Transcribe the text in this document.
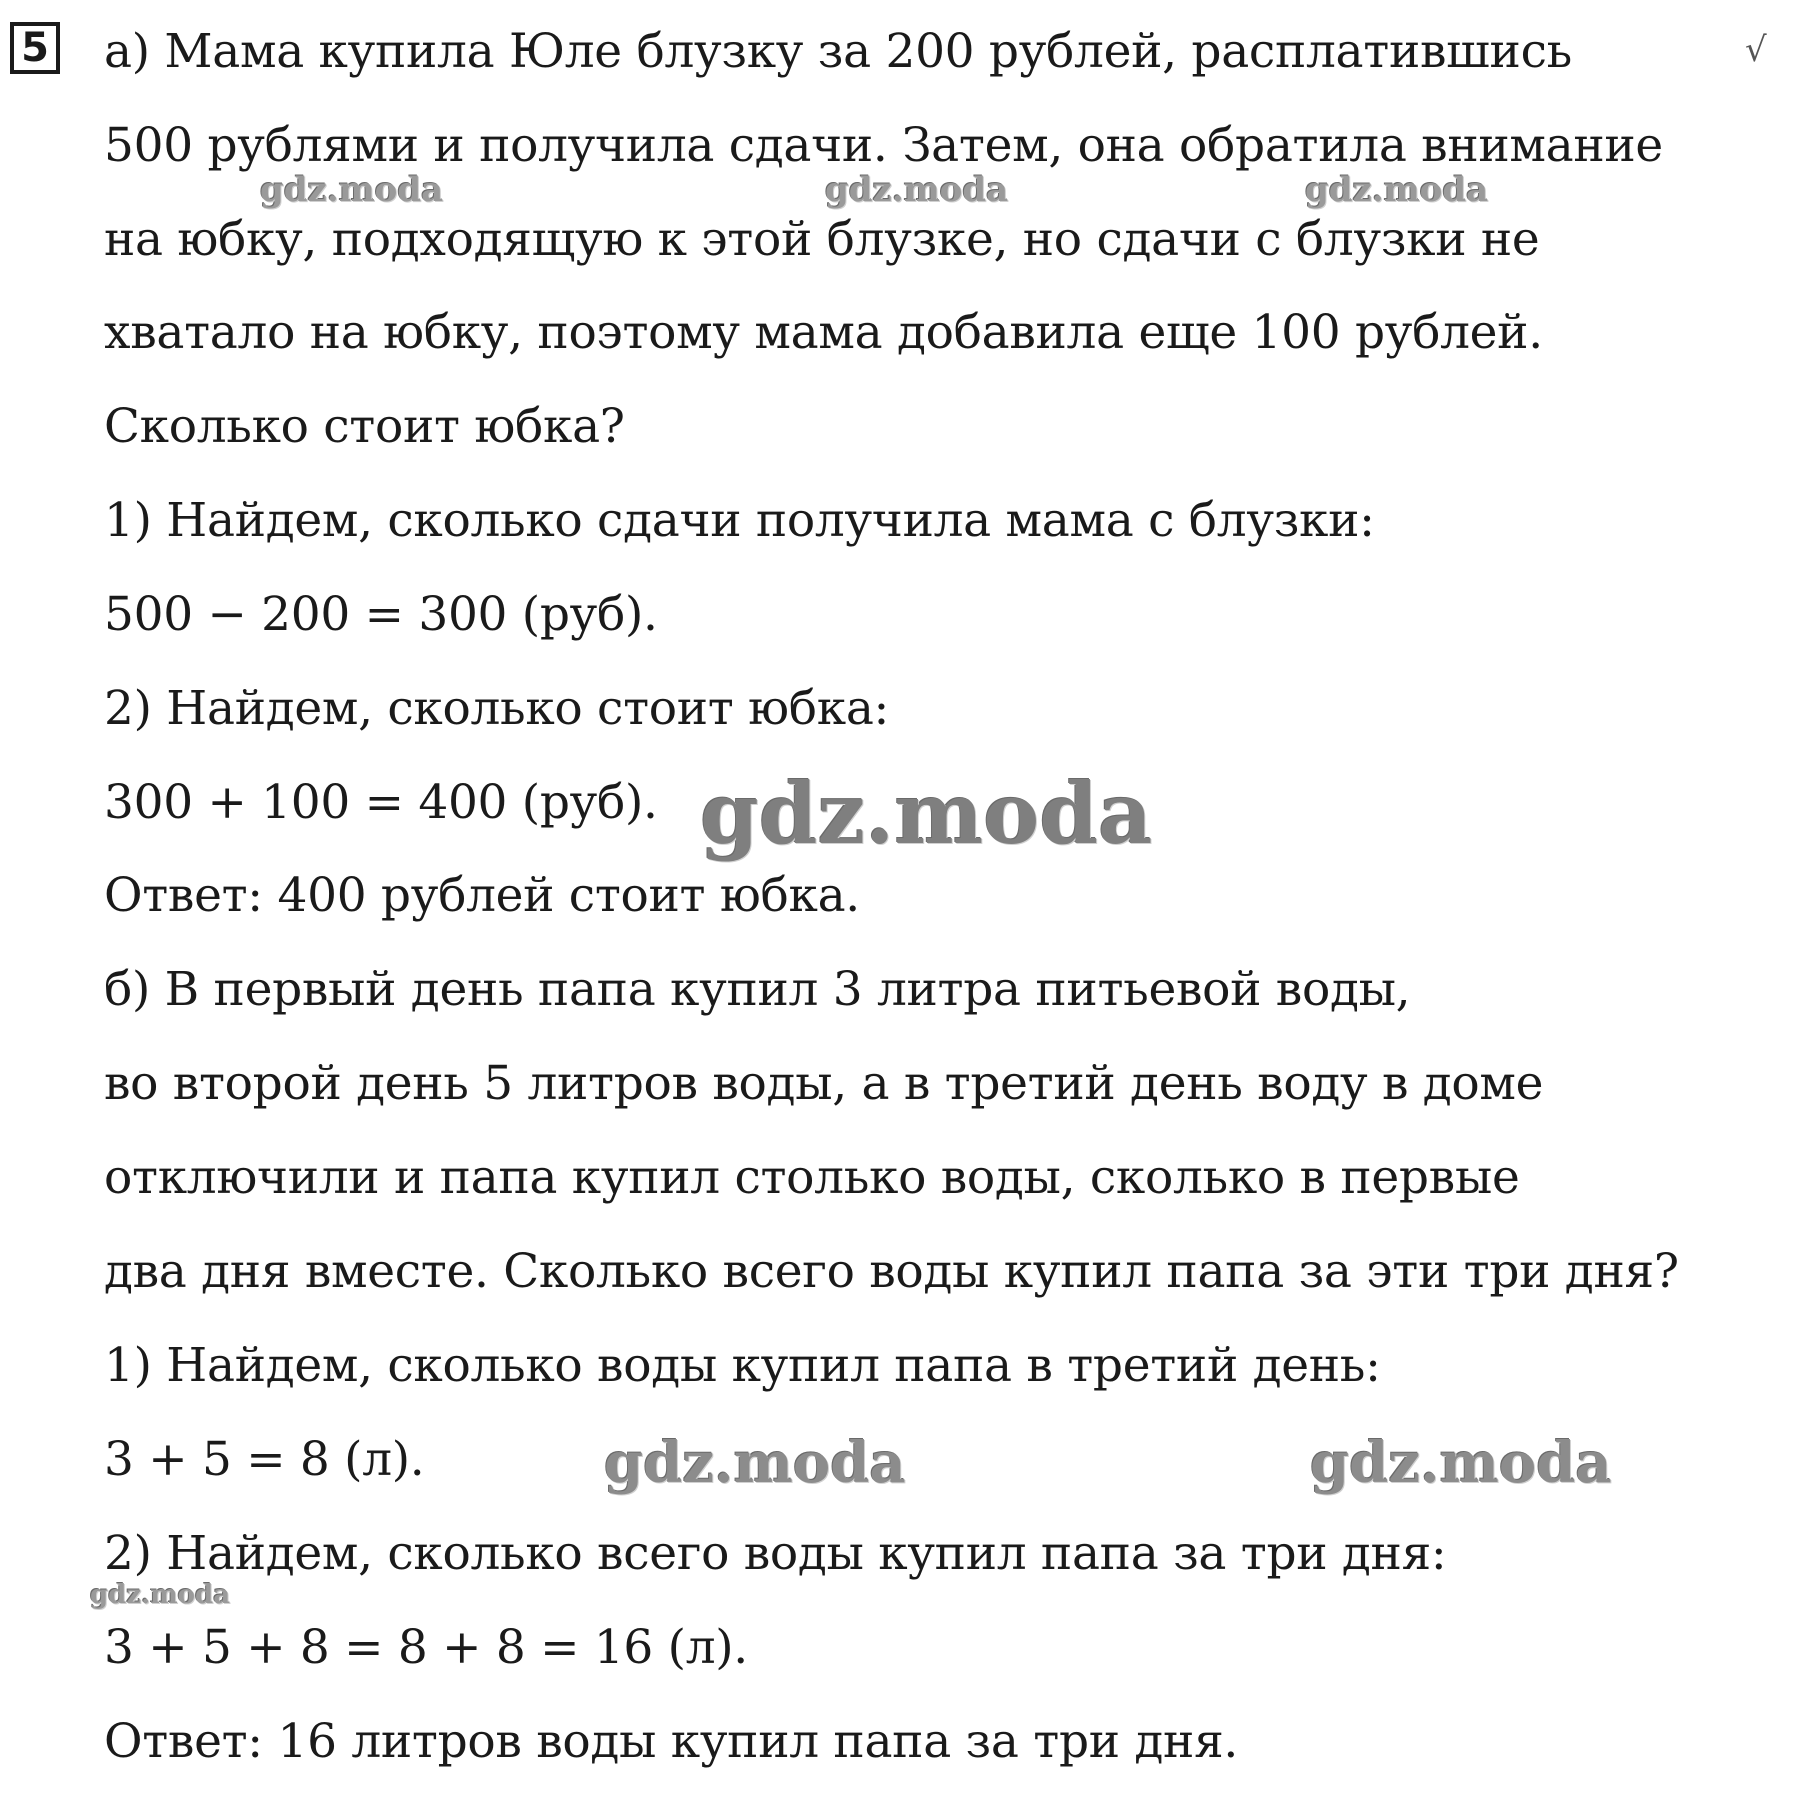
5	√
а) Мама купила Юле блузку за 200 рублей, расплатившись
500 рублями и получила сдачи. Затем, она обратила внимание
на юбку, подходящую к этой блузке, но сдачи с блузки не
хватало на юбку, поэтому мама добавила еще 100 рублей.
Сколько стоит юбка?
1) Найдем, сколько сдачи получила мама с блузки:
500 − 200 = 300 (руб).
2) Найдем, сколько стоит юбка:
300 + 100 = 400 (руб).
Ответ: 400 рублей стоит юбка.
б) В первый день папа купил 3 литра питьевой воды,
во второй день 5 литров воды, а в третий день воду в доме
отключили и папа купил столько воды, сколько в первые
два дня вместе. Сколько всего воды купил папа за эти три дня?
1) Найдем, сколько воды купил папа в третий день:
3 + 5 = 8 (л).
2) Найдем, сколько всего воды купил папа за три дня:
3 + 5 + 8 = 8 + 8 = 16 (л).
Ответ: 16 литров воды купил папа за три дня.
gdz.moda	gdz.moda	gdz.moda
gdz.moda
gdz.moda	gdz.moda
gdz.moda
